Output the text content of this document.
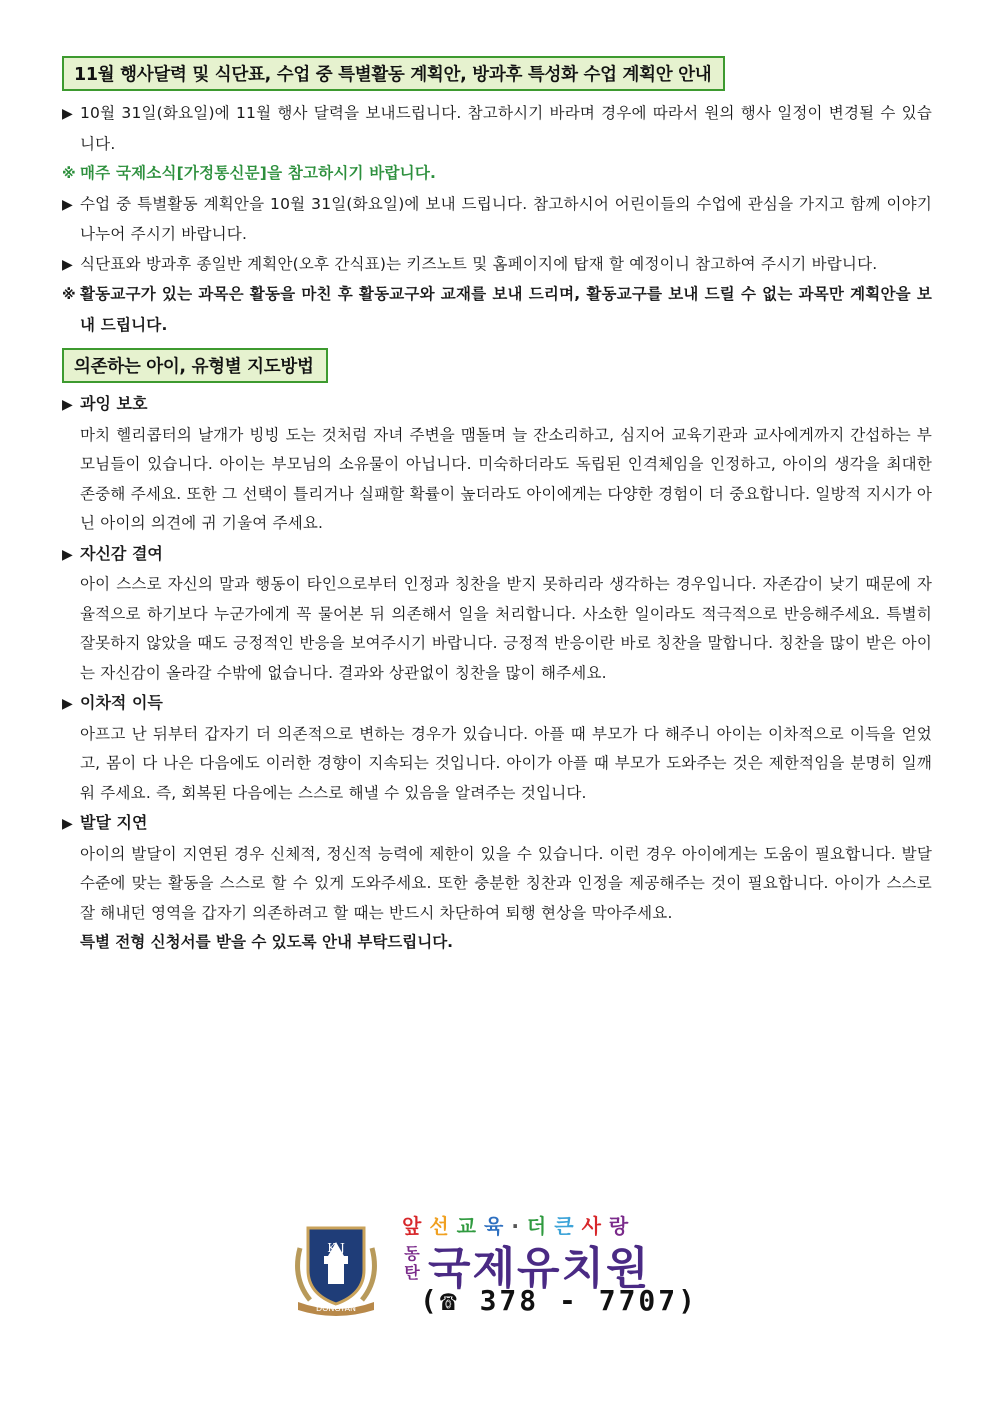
11월 행사달력 및 식단표, 수업 중 특별활동 계획안, 방과후 특성화 수업 계획안 안내
▶ 10월 31일(화요일)에 11월 행사 달력을 보내드립니다. 참고하시기 바라며 경우에 따라서 원의 행사 일정이 변경될 수 있습니다.
※ 매주 국제소식[가정통신문]을 참고하시기 바랍니다.
▶ 수업 중 특별활동 계획안을 10월 31일(화요일)에 보내 드립니다. 참고하시어 어린이들의 수업에 관심을 가지고 함께 이야기 나누어 주시기 바랍니다.
▶ 식단표와 방과후 종일반 계획안(오후 간식표)는 키즈노트 및 홈페이지에 탑재 할 예정이니 참고하여 주시기 바랍니다.
※ 활동교구가 있는 과목은 활동을 마친 후 활동교구와 교재를 보내 드리며, 활동교구를 보내 드릴 수 없는 과목만 계획안을 보내 드립니다.
의존하는 아이, 유형별 지도방법
▶ 과잉 보호
마치 헬리콥터의 날개가 빙빙 도는 것처럼 자녀 주변을 맴돌며 늘 잔소리하고, 심지어 교육기관과 교사에게까지 간섭하는 부모님들이 있습니다. 아이는 부모님의 소유물이 아닙니다. 미숙하더라도 독립된 인격체임을 인정하고, 아이의 생각을 최대한 존중해 주세요. 또한 그 선택이 틀리거나 실패할 확률이 높더라도 아이에게는 다양한 경험이 더 중요합니다. 일방적 지시가 아닌 아이의 의견에 귀 기울여 주세요.
▶ 자신감 결여
아이 스스로 자신의 말과 행동이 타인으로부터 인정과 칭찬을 받지 못하리라 생각하는 경우입니다. 자존감이 낮기 때문에 자율적으로 하기보다 누군가에게 꼭 물어본 뒤 의존해서 일을 처리합니다. 사소한 일이라도 적극적으로 반응해주세요. 특별히 잘못하지 않았을 때도 긍정적인 반응을 보여주시기 바랍니다. 긍정적 반응이란 바로 칭찬을 말합니다. 칭찬을 많이 받은 아이는 자신감이 올라갈 수밖에 없습니다. 결과와 상관없이 칭찬을 많이 해주세요.
▶ 이차적 이득
아프고 난 뒤부터 갑자기 더 의존적으로 변하는 경우가 있습니다. 아플 때 부모가 다 해주니 아이는 이차적으로 이득을 얻었고, 몸이 다 나은 다음에도 이러한 경향이 지속되는 것입니다. 아이가 아플 때 부모가 도와주는 것은 제한적임을 분명히 일깨워 주세요. 즉, 회복된 다음에는 스스로 해낼 수 있음을 알려주는 것입니다.
▶ 발달 지연
아이의 발달이 지연된 경우 신체적, 정신적 능력에 제한이 있을 수 있습니다. 이런 경우 아이에게는 도움이 필요합니다. 발달 수준에 맞는 활동을 스스로 할 수 있게 도와주세요. 또한 충분한 칭찬과 인정을 제공해주는 것이 필요합니다. 아이가 스스로 잘 해내던 영역을 갑자기 의존하려고 할 때는 반드시 차단하여 퇴행 현상을 막아주세요.
특별 전형 신청서를 받을 수 있도록 안내 부탁드립니다.
K J
DONGTAN
앞선교육·더큰사랑
동
탄 국제유치원
(☎ 378 - 7707)
